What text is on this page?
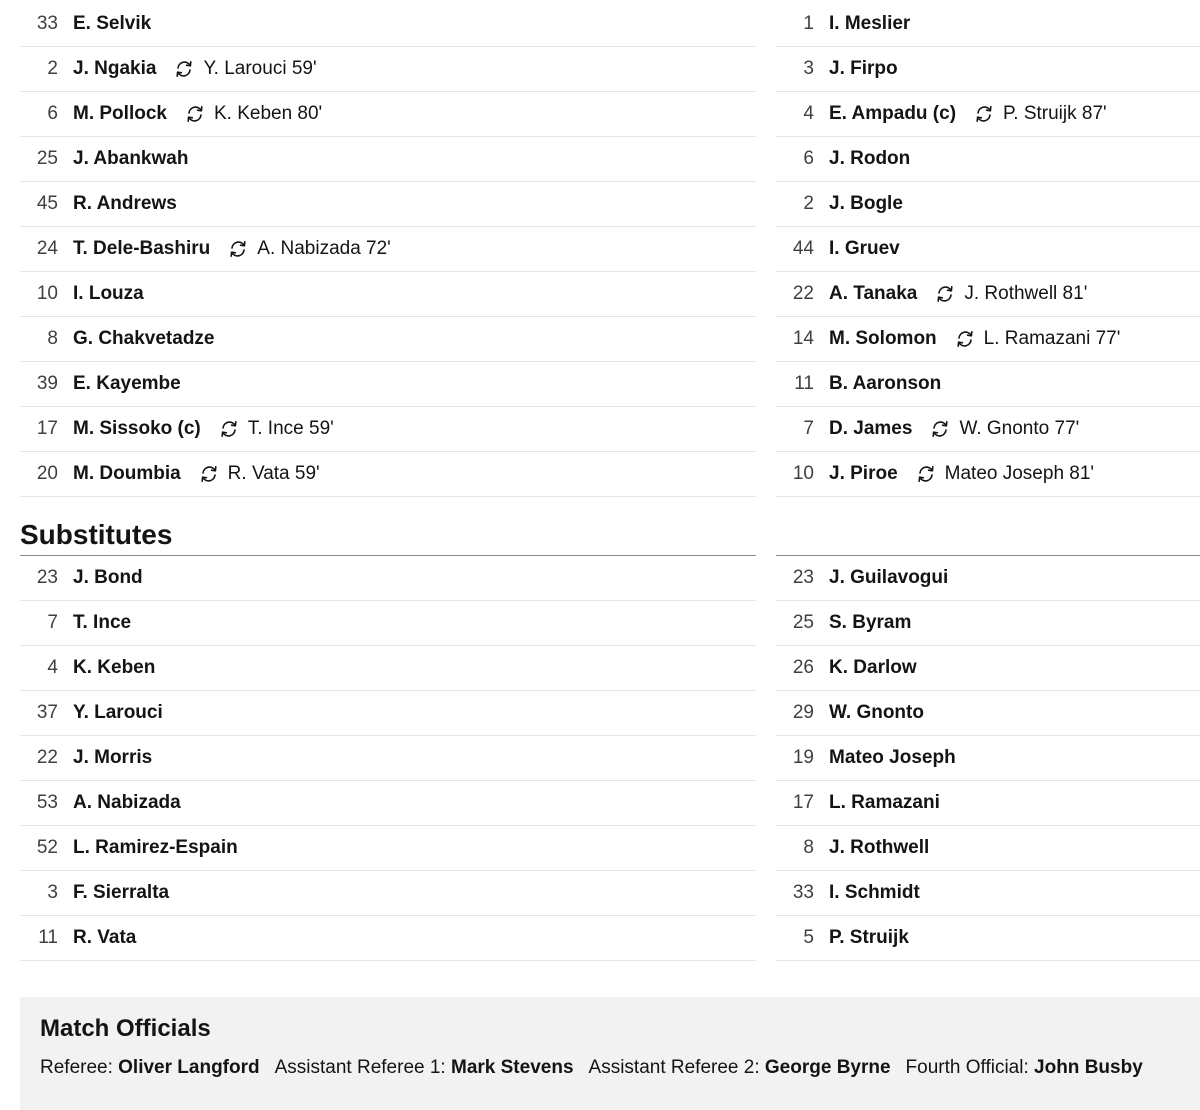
33 E. Selvik
2 J. Ngakia Y. Larouci 59'
6 M. Pollock K. Keben 80'
25 J. Abankwah
45 R. Andrews
24 T. Dele-Bashiru A. Nabizada 72'
10 I. Louza
8 G. Chakvetadze
39 E. Kayembe
17 M. Sissoko (c) T. Ince 59'
20 M. Doumbia R. Vata 59'
Substitutes
23 J. Bond
7 T. Ince
4 K. Keben
37 Y. Larouci
22 J. Morris
53 A. Nabizada
52 L. Ramirez-Espain
3 F. Sierralta
11 R. Vata
1 I. Meslier
3 J. Firpo
4 E. Ampadu (c) P. Struijk 87'
6 J. Rodon
2 J. Bogle
44 I. Gruev
22 A. Tanaka J. Rothwell 81'
14 M. Solomon L. Ramazani 77'
11 B. Aaronson
7 D. James W. Gnonto 77'
10 J. Piroe Mateo Joseph 81'
23 J. Guilavogui
25 S. Byram
26 K. Darlow
29 W. Gnonto
19 Mateo Joseph
17 L. Ramazani
8 J. Rothwell
33 I. Schmidt
5 P. Struijk
Match Officials
Referee: Oliver Langford Assistant Referee 1: Mark Stevens Assistant Referee 2: George Byrne Fourth Official: John Busby
